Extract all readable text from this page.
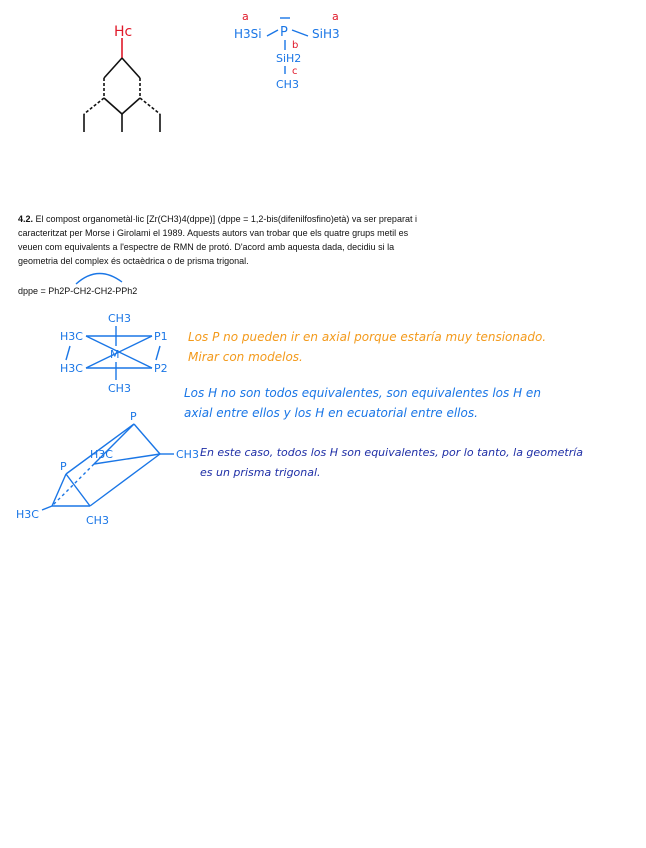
Hc
a	a
H3Si P SiH3
b
SiH2
c
CH3
4.2. El compost organometàl·lic [Zr(CH3)4(dppe)] (dppe = 1,2-bis(difenilfosfino)età) va ser preparat i
caracteritzat per Morse i Girolami el 1989. Aquests autors van trobar que els quatre grups metil es
veuen com equivalents a l'espectre de RMN de protó. D'acord amb aquesta dada, decidiu si la
geometria del complex és octaèdrica o de prisma trigonal.
dppe = Ph2P-CH2-CH2-PPh2
CH3
H3C
H3C
M
P1
P2
CH3
P
P
H3C	CH3
H3C	CH3
Los P no pueden ir en axial porque estaría muy tensionado.
Mirar con modelos.
Los H no son todos equivalentes, son equivalentes los H en
axial entre ellos y los H en ecuatorial entre ellos.
En este caso, todos los H son equivalentes, por lo tanto, la geometría
es un prisma trigonal.
